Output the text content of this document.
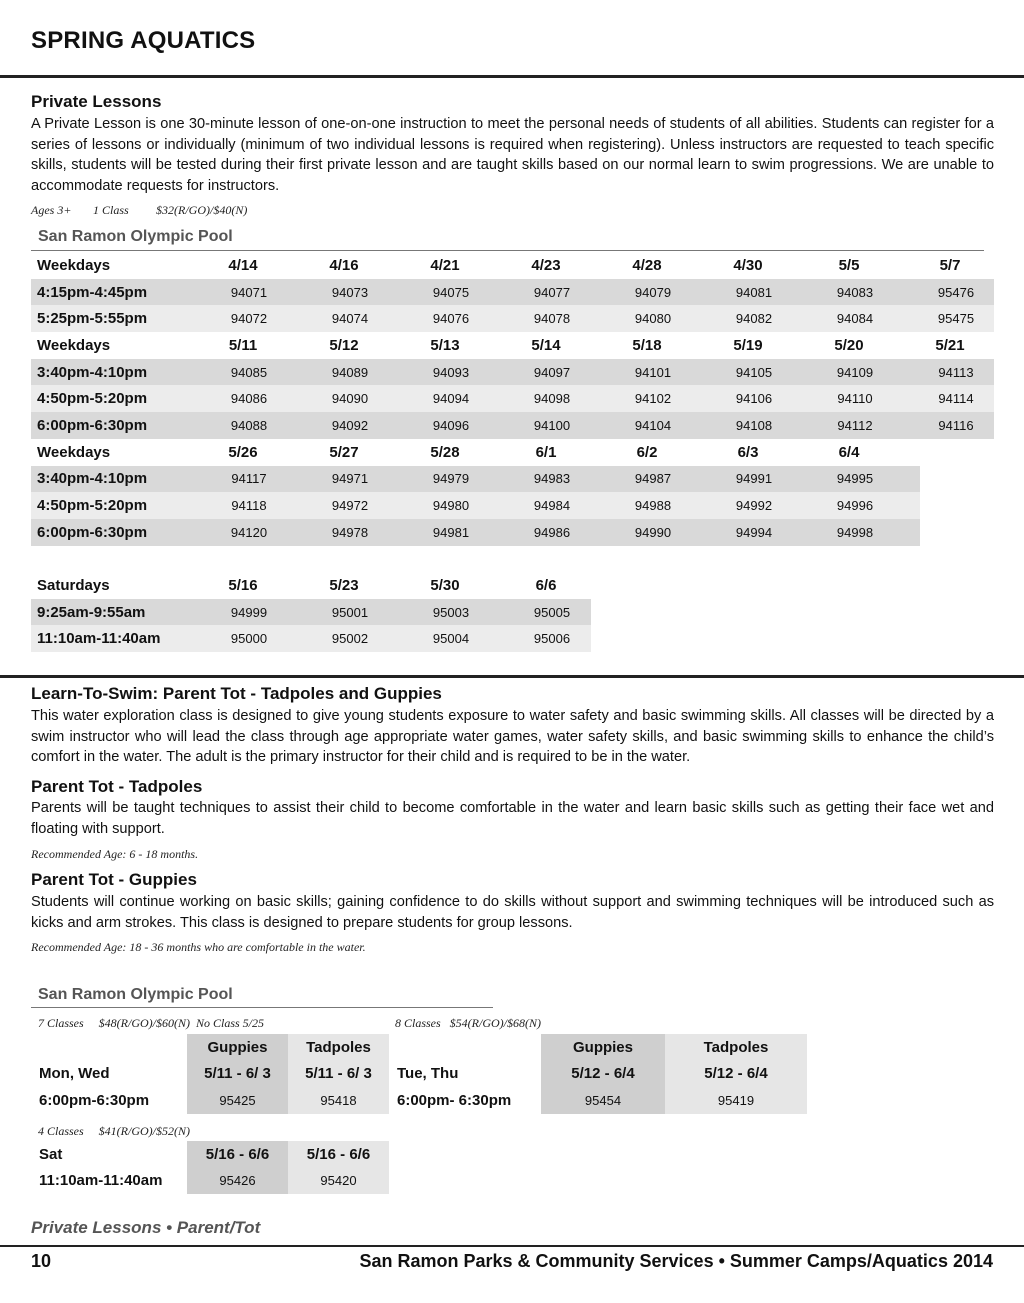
SPRING AQUATICS
Private Lessons
A Private Lesson is one 30-minute lesson of one-on-one instruction to meet the personal needs of students of all abilities. Students can register for a series of lessons or individually (minimum of two individual lessons is required when registering). Unless instructors are requested to teach specific skills, students will be tested during their first private lesson and are taught skills based on our normal learn to swim progressions. We are unable to accommodate requests for instructors.
Ages 3+ 1 Class $32(R/GO)/$40(N)
San Ramon Olympic Pool
Weekdays	4/14	4/16	4/21	4/23	4/28	4/30	5/5	5/7

4:15pm-4:45pm	94071	94073	94075	94077	94079	94081	94083	95476

5:25pm-5:55pm	94072	94074	94076	94078	94080	94082	94084	95475

Weekdays	5/11	5/12	5/13	5/14	5/18	5/19	5/20	5/21

3:40pm-4:10pm	94085	94089	94093	94097	94101	94105	94109	94113

4:50pm-5:20pm	94086	94090	94094	94098	94102	94106	94110	94114

6:00pm-6:30pm	94088	94092	94096	94100	94104	94108	94112	94116

Weekdays	5/26	5/27	5/28	6/1	6/2	6/3	6/4	

3:40pm-4:10pm	94117	94971	94979	94983	94987	94991	94995	

4:50pm-5:20pm	94118	94972	94980	94984	94988	94992	94996	

6:00pm-6:30pm	94120	94978	94981	94986	94990	94994	94998	

Saturdays	5/16	5/23	5/30	6/6

9:25am-9:55am	94999	95001	95003	95005

11:10am-11:40am	95000	95002	95004	95006
Learn-To-Swim: Parent Tot - Tadpoles and Guppies
This water exploration class is designed to give young students exposure to water safety and basic swimming skills. All classes will be directed by a swim instructor who will lead the class through age appropriate water games, water safety skills, and basic swimming skills to enhance the child’s comfort in the water. The adult is the primary instructor for their child and is required to be in the water.
Parent Tot - Tadpoles
Parents will be taught techniques to assist their child to become comfortable in the water and learn basic skills such as getting their face wet and floating with support.
Recommended Age: 6 - 18 months.
Parent Tot - Guppies
Students will continue working on basic skills; gaining confidence to do skills without support and swimming techniques will be introduced such as kicks and arm strokes. This class is designed to prepare students for group lessons.
Recommended Age: 18 - 36 months who are comfortable in the water.
San Ramon Olympic Pool
7 Classes     $48(R/GO)/$60(N)  No Class 5/25	8 Classes   $54(R/GO)/$68(N)
	Guppies	Tadpoles
Mon, Wed	5/11 - 6/ 3	5/11 - 6/ 3
6:00pm-6:30pm	95425	95418
	Guppies	Tadpoles
Tue, Thu	5/12 - 6/4	5/12 - 6/4
6:00pm- 6:30pm	95454	95419
4 Classes     $41(R/GO)/$52(N)
Sat	5/16 - 6/6	5/16 - 6/6
11:10am-11:40am	95426	95420
Private Lessons • Parent/Tot
10	San Ramon Parks & Community Services • Summer Camps/Aquatics 2014
